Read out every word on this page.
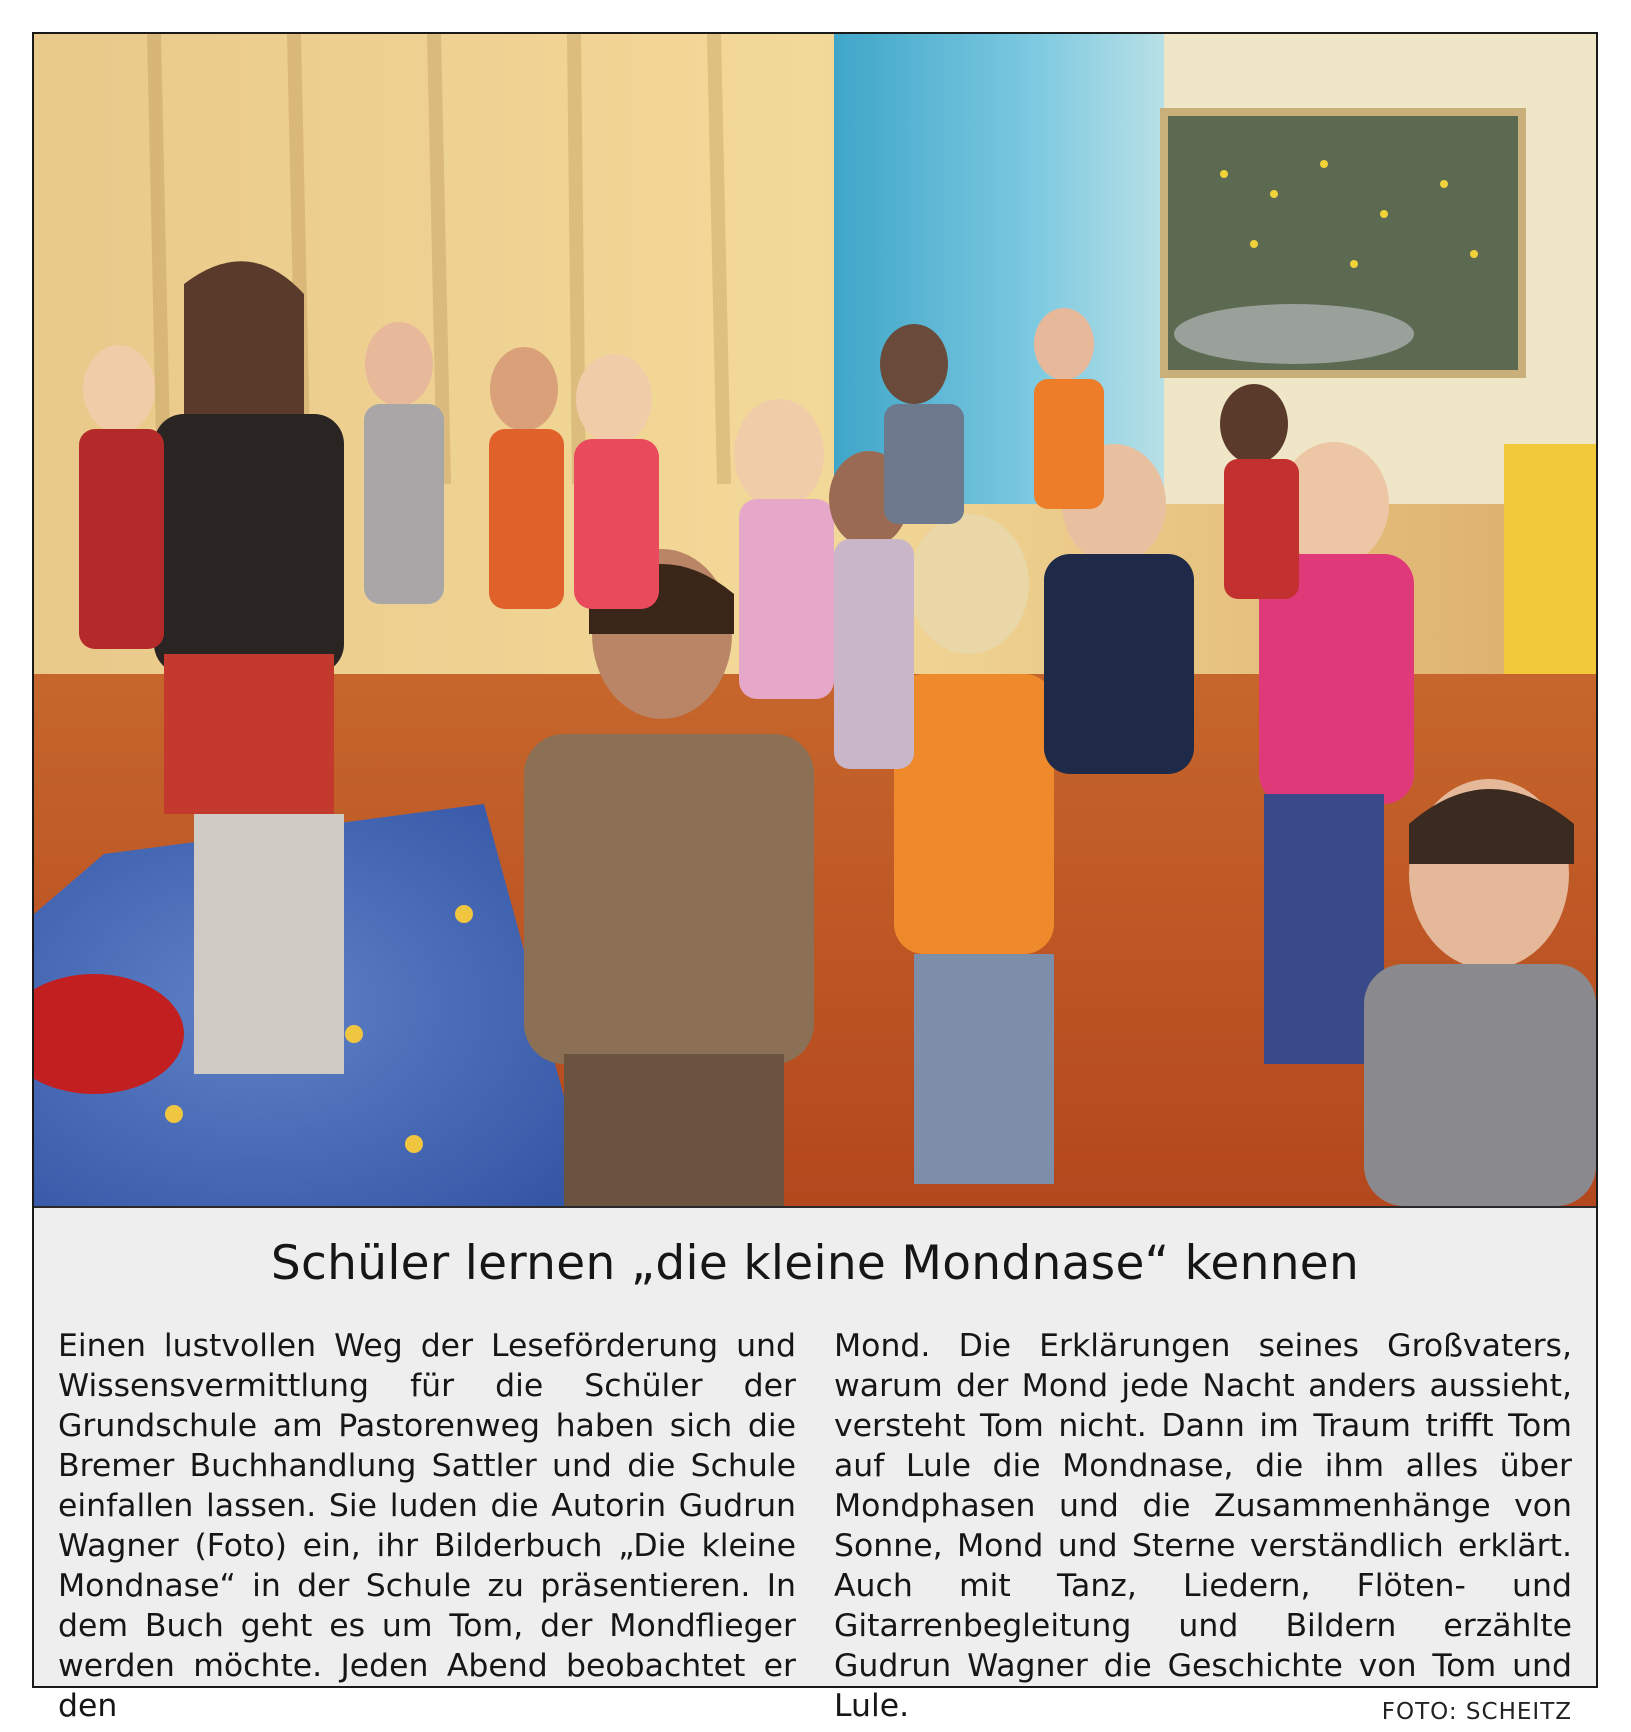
Schüler lernen „die kleine Mondnase“ kennen
Einen lustvollen Weg der Leseförderung und Wissensvermittlung für die Schüler der Grundschule am Pastorenweg haben sich die Bremer Buchhandlung Sattler und die Schule einfallen lassen. Sie luden die Autorin Gudrun Wagner (Foto) ein, ihr Bilderbuch „Die kleine Mondnase“ in der Schule zu präsentieren. In dem Buch geht es um Tom, der Mondflieger werden möchte. Jeden Abend beobachtet er den
Mond. Die Erklärungen seines Großvaters, warum der Mond jede Nacht anders aussieht, versteht Tom nicht. Dann im Traum trifft Tom auf Lule die Mondnase, die ihm alles über Mondphasen und die Zusammenhänge von Sonne, Mond und Sterne verständlich erklärt. Auch mit Tanz, Liedern, Flöten- und Gitarrenbegleitung und Bildern erzählte Gudrun Wagner die Geschichte von Tom und Lule.	FOTO: SCHEITZ
